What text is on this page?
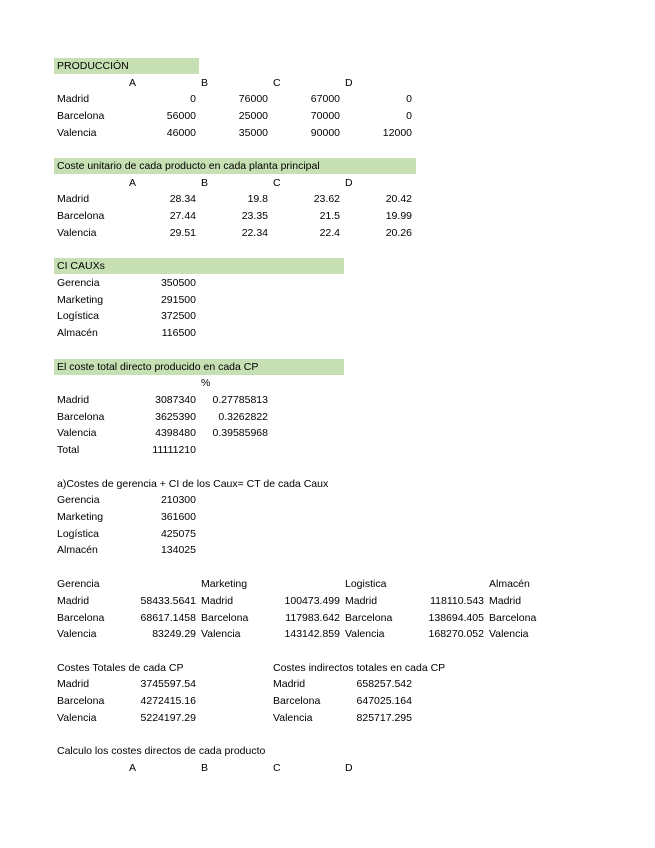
PRODUCCIÓN
A	B	C	D
Madrid	0	76000	67000	0
Barcelona	56000	25000	70000	0
Valencia	46000	35000	90000	12000
Coste unitario de cada producto en cada planta principal
A	B	C	D
Madrid	28.34	19.8	23.62	20.42
Barcelona	27.44	23.35	21.5	19.99
Valencia	29.51	22.34	22.4	20.26
CI CAUXs
Gerencia	350500
Marketing	291500
Logística	372500
Almacén	116500
El coste total directo producido en cada CP
%
Madrid	3087340	0.27785813
Barcelona	3625390	0.3262822
Valencia	4398480	0.39585968
Total	11111210
a)Costes de gerencia + CI de los Caux= CT de cada Caux
Gerencia	210300
Marketing	361600
Logística	425075
Almacén	134025
Gerencia	Marketing	Logistica	Almacén
Madrid	58433.5641 Madrid	100473.499 Madrid	118110.543 Madrid
Barcelona	68617.1458 Barcelona	117983.642 Barcelona	138694.405 Barcelona
Valencia	83249.29 Valencia	143142.859 Valencia	168270.052 Valencia
Costes Totales de cada CP	Costes indirectos totales en cada CP
Madrid	3745597.54	Madrid	658257.542
Barcelona	4272415.16	Barcelona	647025.164
Valencia	5224197.29	Valencia	825717.295
Calculo los costes directos de cada producto
A	B	C	D
